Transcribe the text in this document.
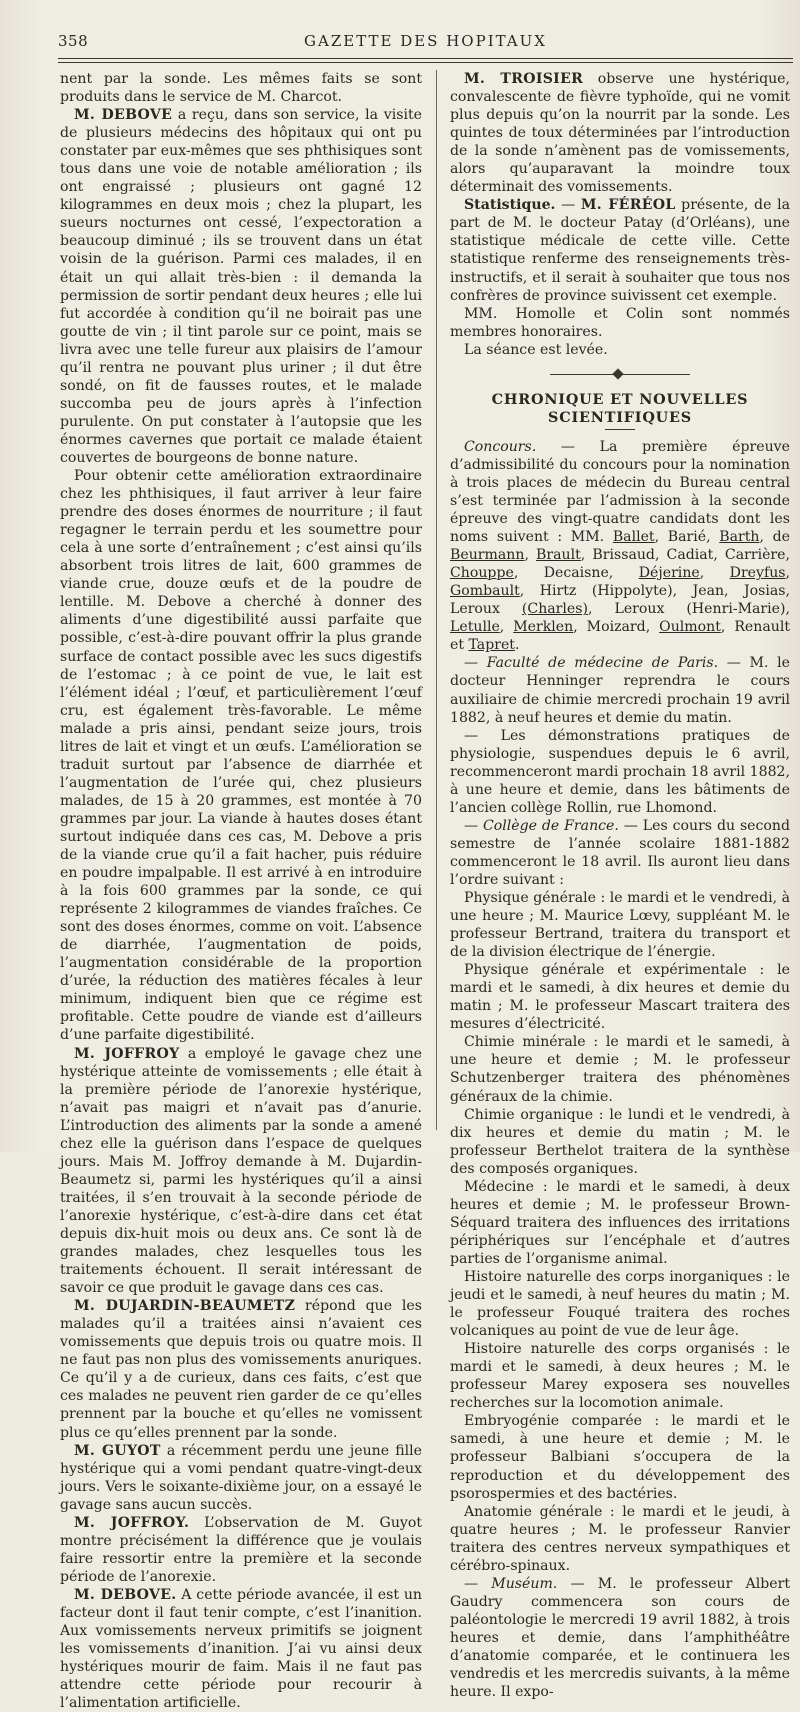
358	GAZETTE DES HOPITAUX

nent par la sonde. Les mêmes faits se sont produits dans le service de M. Charcot.

M. DEBOVE a reçu, dans son service, la visite de plusieurs médecins des hôpitaux qui ont pu constater par eux-mêmes que ses phthisiques sont tous dans une voie de notable amélioration ; ils ont engraissé ; plusieurs ont gagné 12 kilogrammes en deux mois ; chez la plupart, les sueurs nocturnes ont cessé, l’expectoration a beaucoup diminué ; ils se trouvent dans un état voisin de la guérison. Parmi ces malades, il en était un qui allait très-bien : il demanda la permission de sortir pendant deux heures ; elle lui fut accordée à condition qu’il ne boirait pas une goutte de vin ; il tint parole sur ce point, mais se livra avec une telle fureur aux plaisirs de l’amour qu’il rentra ne pouvant plus uriner ; il dut être sondé, on fit de fausses routes, et le malade succomba peu de jours après à l’infection purulente. On put constater à l’autopsie que les énormes cavernes que portait ce malade étaient couvertes de bourgeons de bonne nature.

Pour obtenir cette amélioration extraordinaire chez les phthisiques, il faut arriver à leur faire prendre des doses énormes de nourriture ; il faut regagner le terrain perdu et les soumettre pour cela à une sorte d’entraînement ; c’est ainsi qu’ils absorbent trois litres de lait, 600 grammes de viande crue, douze œufs et de la poudre de lentille. M. Debove a cherché à donner des aliments d’une digestibilité aussi parfaite que possible, c’est-à-dire pouvant offrir la plus grande surface de contact possible avec les sucs digestifs de l’estomac ; à ce point de vue, le lait est l’élément idéal ; l’œuf, et particulièrement l’œuf cru, est également très-favorable. Le même malade a pris ainsi, pendant seize jours, trois litres de lait et vingt et un œufs. L’amélioration se traduit surtout par l’absence de diarrhée et l’augmentation de l’urée qui, chez plusieurs malades, de 15 à 20 grammes, est montée à 70 grammes par jour. La viande à hautes doses étant surtout indiquée dans ces cas, M. Debove a pris de la viande crue qu’il a fait hacher, puis réduire en poudre impalpable. Il est arrivé à en introduire à la fois 600 grammes par la sonde, ce qui représente 2 kilogrammes de viandes fraîches. Ce sont des doses énormes, comme on voit. L’absence de diarrhée, l’augmentation de poids, l’augmentation considérable de la proportion d’urée, la réduction des matières fécales à leur minimum, indiquent bien que ce régime est profitable. Cette poudre de viande est d’ailleurs d’une parfaite digestibilité.

M. JOFFROY a employé le gavage chez une hystérique atteinte de vomissements ; elle était à la première période de l’anorexie hystérique, n’avait pas maigri et n’avait pas d’anurie. L’introduction des aliments par la sonde a amené chez elle la guérison dans l’espace de quelques jours. Mais M. Joffroy demande à M. Dujardin-Beaumetz si, parmi les hystériques qu’il a ainsi traitées, il s’en trouvait à la seconde période de l’anorexie hystérique, c’est-à-dire dans cet état depuis dix-huit mois ou deux ans. Ce sont là de grandes malades, chez lesquelles tous les traitements échouent. Il serait intéressant de savoir ce que produit le gavage dans ces cas.

M. DUJARDIN-BEAUMETZ répond que les malades qu’il a traitées ainsi n’avaient ces vomissements que depuis trois ou quatre mois. Il ne faut pas non plus des vomissements anuriques. Ce qu’il y a de curieux, dans ces faits, c’est que ces malades ne peuvent rien garder de ce qu’elles prennent par la bouche et qu’elles ne vomissent plus ce qu’elles prennent par la sonde.

M. GUYOT a récemment perdu une jeune fille hystérique qui a vomi pendant quatre-vingt-deux jours. Vers le soixante-dixième jour, on a essayé le gavage sans aucun succès.

M. JOFFROY. L’observation de M. Guyot montre précisément la différence que je voulais faire ressortir entre la première et la seconde période de l’anorexie.

M. DEBOVE. A cette période avancée, il est un facteur dont il faut tenir compte, c’est l’inanition. Aux vomissements nerveux primitifs se joignent les vomissements d’inanition. J’ai vu ainsi deux hystériques mourir de faim. Mais il ne faut pas attendre cette période pour recourir à l’alimentation artificielle.

M. TROISIER observe une hystérique, convalescente de fièvre typhoïde, qui ne vomit plus depuis qu’on la nourrit par la sonde. Les quintes de toux déterminées par l’introduction de la sonde n’amènent pas de vomissements, alors qu’auparavant la moindre toux déterminait des vomissements.

Statistique. — M. FÉRÉOL présente, de la part de M. le docteur Patay (d’Orléans), une statistique médicale de cette ville. Cette statistique renferme des renseignements très-instructifs, et il serait à souhaiter que tous nos confrères de province suivissent cet exemple.

MM. Homolle et Colin sont nommés membres honoraires.

La séance est levée.

CHRONIQUE ET NOUVELLES SCIENTIFIQUES

Concours. — La première épreuve d’admissibilité du concours pour la nomination à trois places de médecin du Bureau central s’est terminée par l’admission à la seconde épreuve des vingt-quatre candidats dont les noms suivent : MM. Ballet, Barié, Barth, de Beurmann, Brault, Brissaud, Cadiat, Carrière, Chouppe, Decaisne, Déjerine, Dreyfus, Gombault, Hirtz (Hippolyte), Jean, Josias, Leroux (Charles), Leroux (Henri-Marie), Letulle, Merklen, Moizard, Oulmont, Renault et Tapret.

— Faculté de médecine de Paris. — M. le docteur Henninger reprendra le cours auxiliaire de chimie mercredi prochain 19 avril 1882, à neuf heures et demie du matin.

— Les démonstrations pratiques de physiologie, suspendues depuis le 6 avril, recommenceront mardi prochain 18 avril 1882, à une heure et demie, dans les bâtiments de l’ancien collège Rollin, rue Lhomond.

— Collège de France. — Les cours du second semestre de l’année scolaire 1881-1882 commenceront le 18 avril. Ils auront lieu dans l’ordre suivant :

Physique générale : le mardi et le vendredi, à une heure ; M. Maurice Lœvy, suppléant M. le professeur Bertrand, traitera du transport et de la division électrique de l’énergie.

Physique générale et expérimentale : le mardi et le samedi, à dix heures et demie du matin ; M. le professeur Mascart traitera des mesures d’électricité.

Chimie minérale : le mardi et le samedi, à une heure et demie ; M. le professeur Schutzenberger traitera des phénomènes généraux de la chimie.

Chimie organique : le lundi et le vendredi, à dix heures et demie du matin ; M. le professeur Berthelot traitera de la synthèse des composés organiques.

Médecine : le mardi et le samedi, à deux heures et demie ; M. le professeur Brown-Séquard traitera des influences des irritations périphériques sur l’encéphale et d’autres parties de l’organisme animal.

Histoire naturelle des corps inorganiques : le jeudi et le samedi, à neuf heures du matin ; M. le professeur Fouqué traitera des roches volcaniques au point de vue de leur âge.

Histoire naturelle des corps organisés : le mardi et le samedi, à deux heures ; M. le professeur Marey exposera ses nouvelles recherches sur la locomotion animale.

Embryogénie comparée : le mardi et le samedi, à une heure et demie ; M. le professeur Balbiani s’occupera de la reproduction et du développement des psorospermies et des bactéries.

Anatomie générale : le mardi et le jeudi, à quatre heures ; M. le professeur Ranvier traitera des centres nerveux sympathiques et cérébro-spinaux.

— Muséum. — M. le professeur Albert Gaudry commencera son cours de paléontologie le mercredi 19 avril 1882, à trois heures et demie, dans l’amphithéâtre d’anatomie comparée, et le continuera les vendredis et les mercredis suivants, à la même heure. Il expo-
